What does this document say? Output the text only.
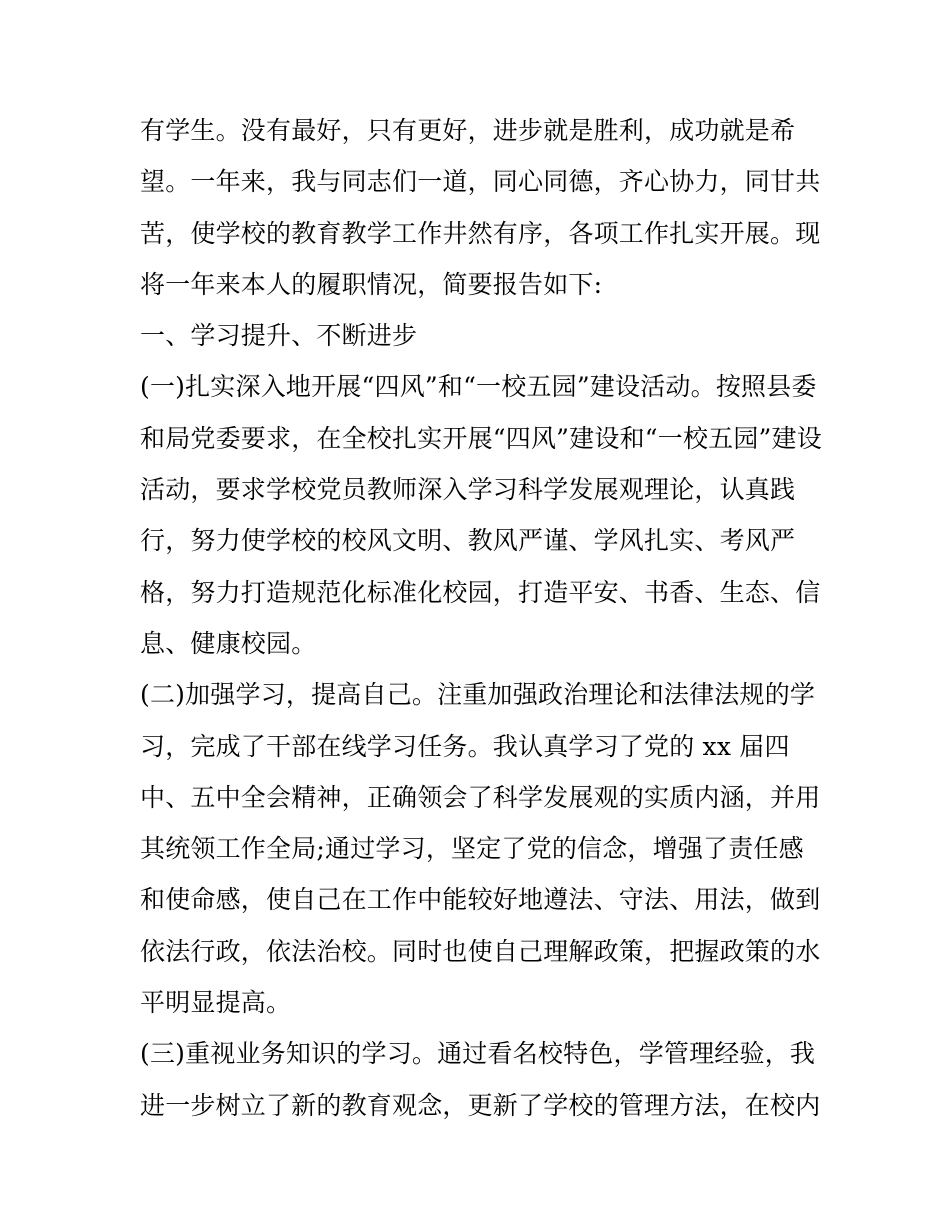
有学生。没有最好，只有更好，进步就是胜利，成功就是希
望。一年来，我与同志们一道，同心同德，齐心协力，同甘共
苦，使学校的教育教学工作井然有序，各项工作扎实开展。现
将一年来本人的履职情况，简要报告如下:
一、学习提升、不断进步
(一)扎实深入地开展“四风”和“一校五园”建设活动。按照县委
和局党委要求，在全校扎实开展“四风”建设和“一校五园”建设
活动，要求学校党员教师深入学习科学发展观理论，认真践
行，努力使学校的校风文明、教风严谨、学风扎实、考风严
格，努力打造规范化标准化校园，打造平安、书香、生态、信
息、健康校园。
(二)加强学习，提高自己。注重加强政治理论和法律法规的学
习，完成了干部在线学习任务。我认真学习了党的 xx 届四
中、五中全会精神，正确领会了科学发展观的实质内涵，并用
其统领工作全局;通过学习，坚定了党的信念，增强了责任感
和使命感，使自己在工作中能较好地遵法、守法、用法，做到
依法行政，依法治校。同时也使自己理解政策，把握政策的水
平明显提高。
(三)重视业务知识的学习。通过看名校特色，学管理经验，我
进一步树立了新的教育观念，更新了学校的管理方法，在校内
